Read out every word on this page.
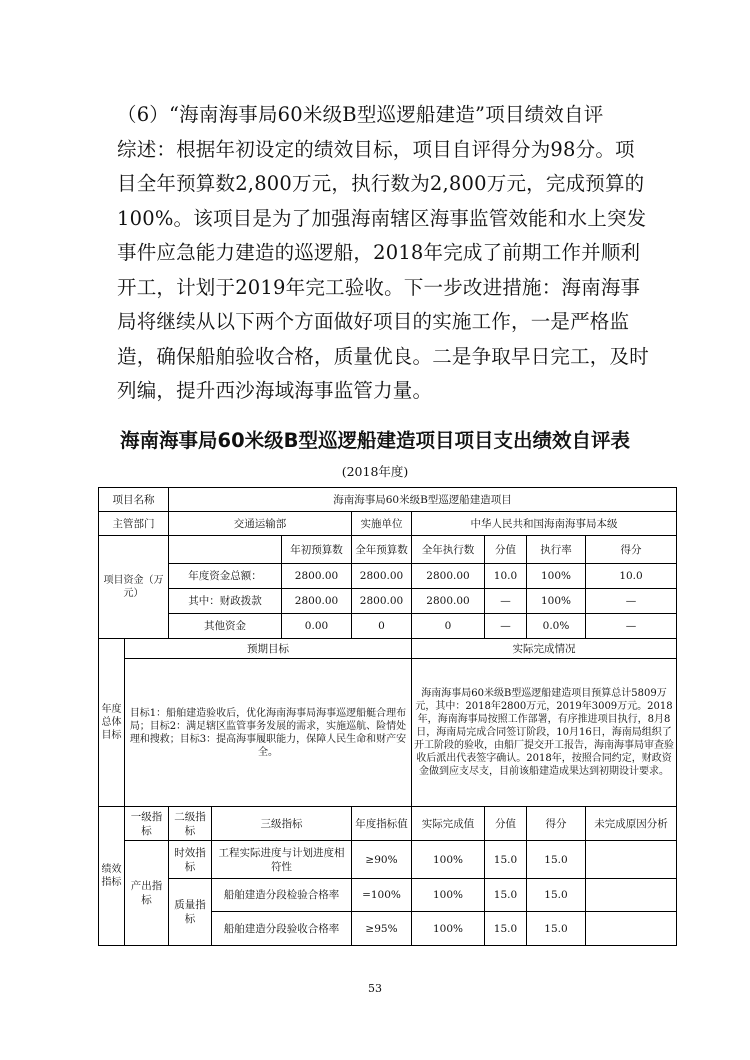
（6）“海南海事局60米级B型巡逻船建造”项目绩效自评
综述：根据年初设定的绩效目标，项目自评得分为98分。项
目全年预算数2,800万元，执行数为2,800万元，完成预算的
100%。该项目是为了加强海南辖区海事监管效能和水上突发
事件应急能力建造的巡逻船，2018年完成了前期工作并顺利
开工，计划于2019年完工验收。下一步改进措施：海南海事
局将继续从以下两个方面做好项目的实施工作，一是严格监
造，确保船舶验收合格，质量优良。二是争取早日完工，及时
列编，提升西沙海域海事监管力量。
海南海事局60米级B型巡逻船建造项目项目支出绩效自评表
(2018年度)
项目名称		海南海事局60米级B型巡逻船建造项目							
主管部门		交通运输部			实施单位	中华人民共和国海南海事局本级			
项目资金（万元）				年初预算数	全年预算数	全年执行数	分值	执行率	得分
		年度资金总额：		2800.00	2800.00	2800.00	10.0	100%	10.0
		其中：财政拨款		2800.00	2800.00	2800.00	—	100%	—
		其他资金		0.00	0	0	—	0.0%	—
年度总体目标	预期目标					实际完成情况			
	目标1：船舶建造验收后，优化海南海事局海事巡逻船艇合理布局；目标2：满足辖区监管事务发展的需求，实施巡航、险情处理和搜救；目标3：提高海事履职能力，保障人民生命和财产安全。					海南海事局60米级B型巡逻船建造项目预算总计5809万元，其中：2018年2800万元，2019年3009万元。2018年，海南海事局按照工作部署，有序推进项目执行，8月8日，海南局完成合同签订阶段，10月16日，海南局组织了开工阶段的验收，由船厂提交开工报告，海南海事局审查验收后派出代表签字确认。2018年，按照合同约定，财政资金做到应支尽支，目前该船建造成果达到初期设计要求。			
绩效指标	一级指标	二级指标	三级指标		年度指标值	实际完成值	分值	得分	未完成原因分析
	产出指标	时效指标	工程实际进度与计划进度相符性		≥90%	100%	15.0	15.0	
		质量指标	船舶建造分段检验合格率		=100%	100%	15.0	15.0	
			船舶建造分段验收合格率		≥95%	100%	15.0	15.0	
53
